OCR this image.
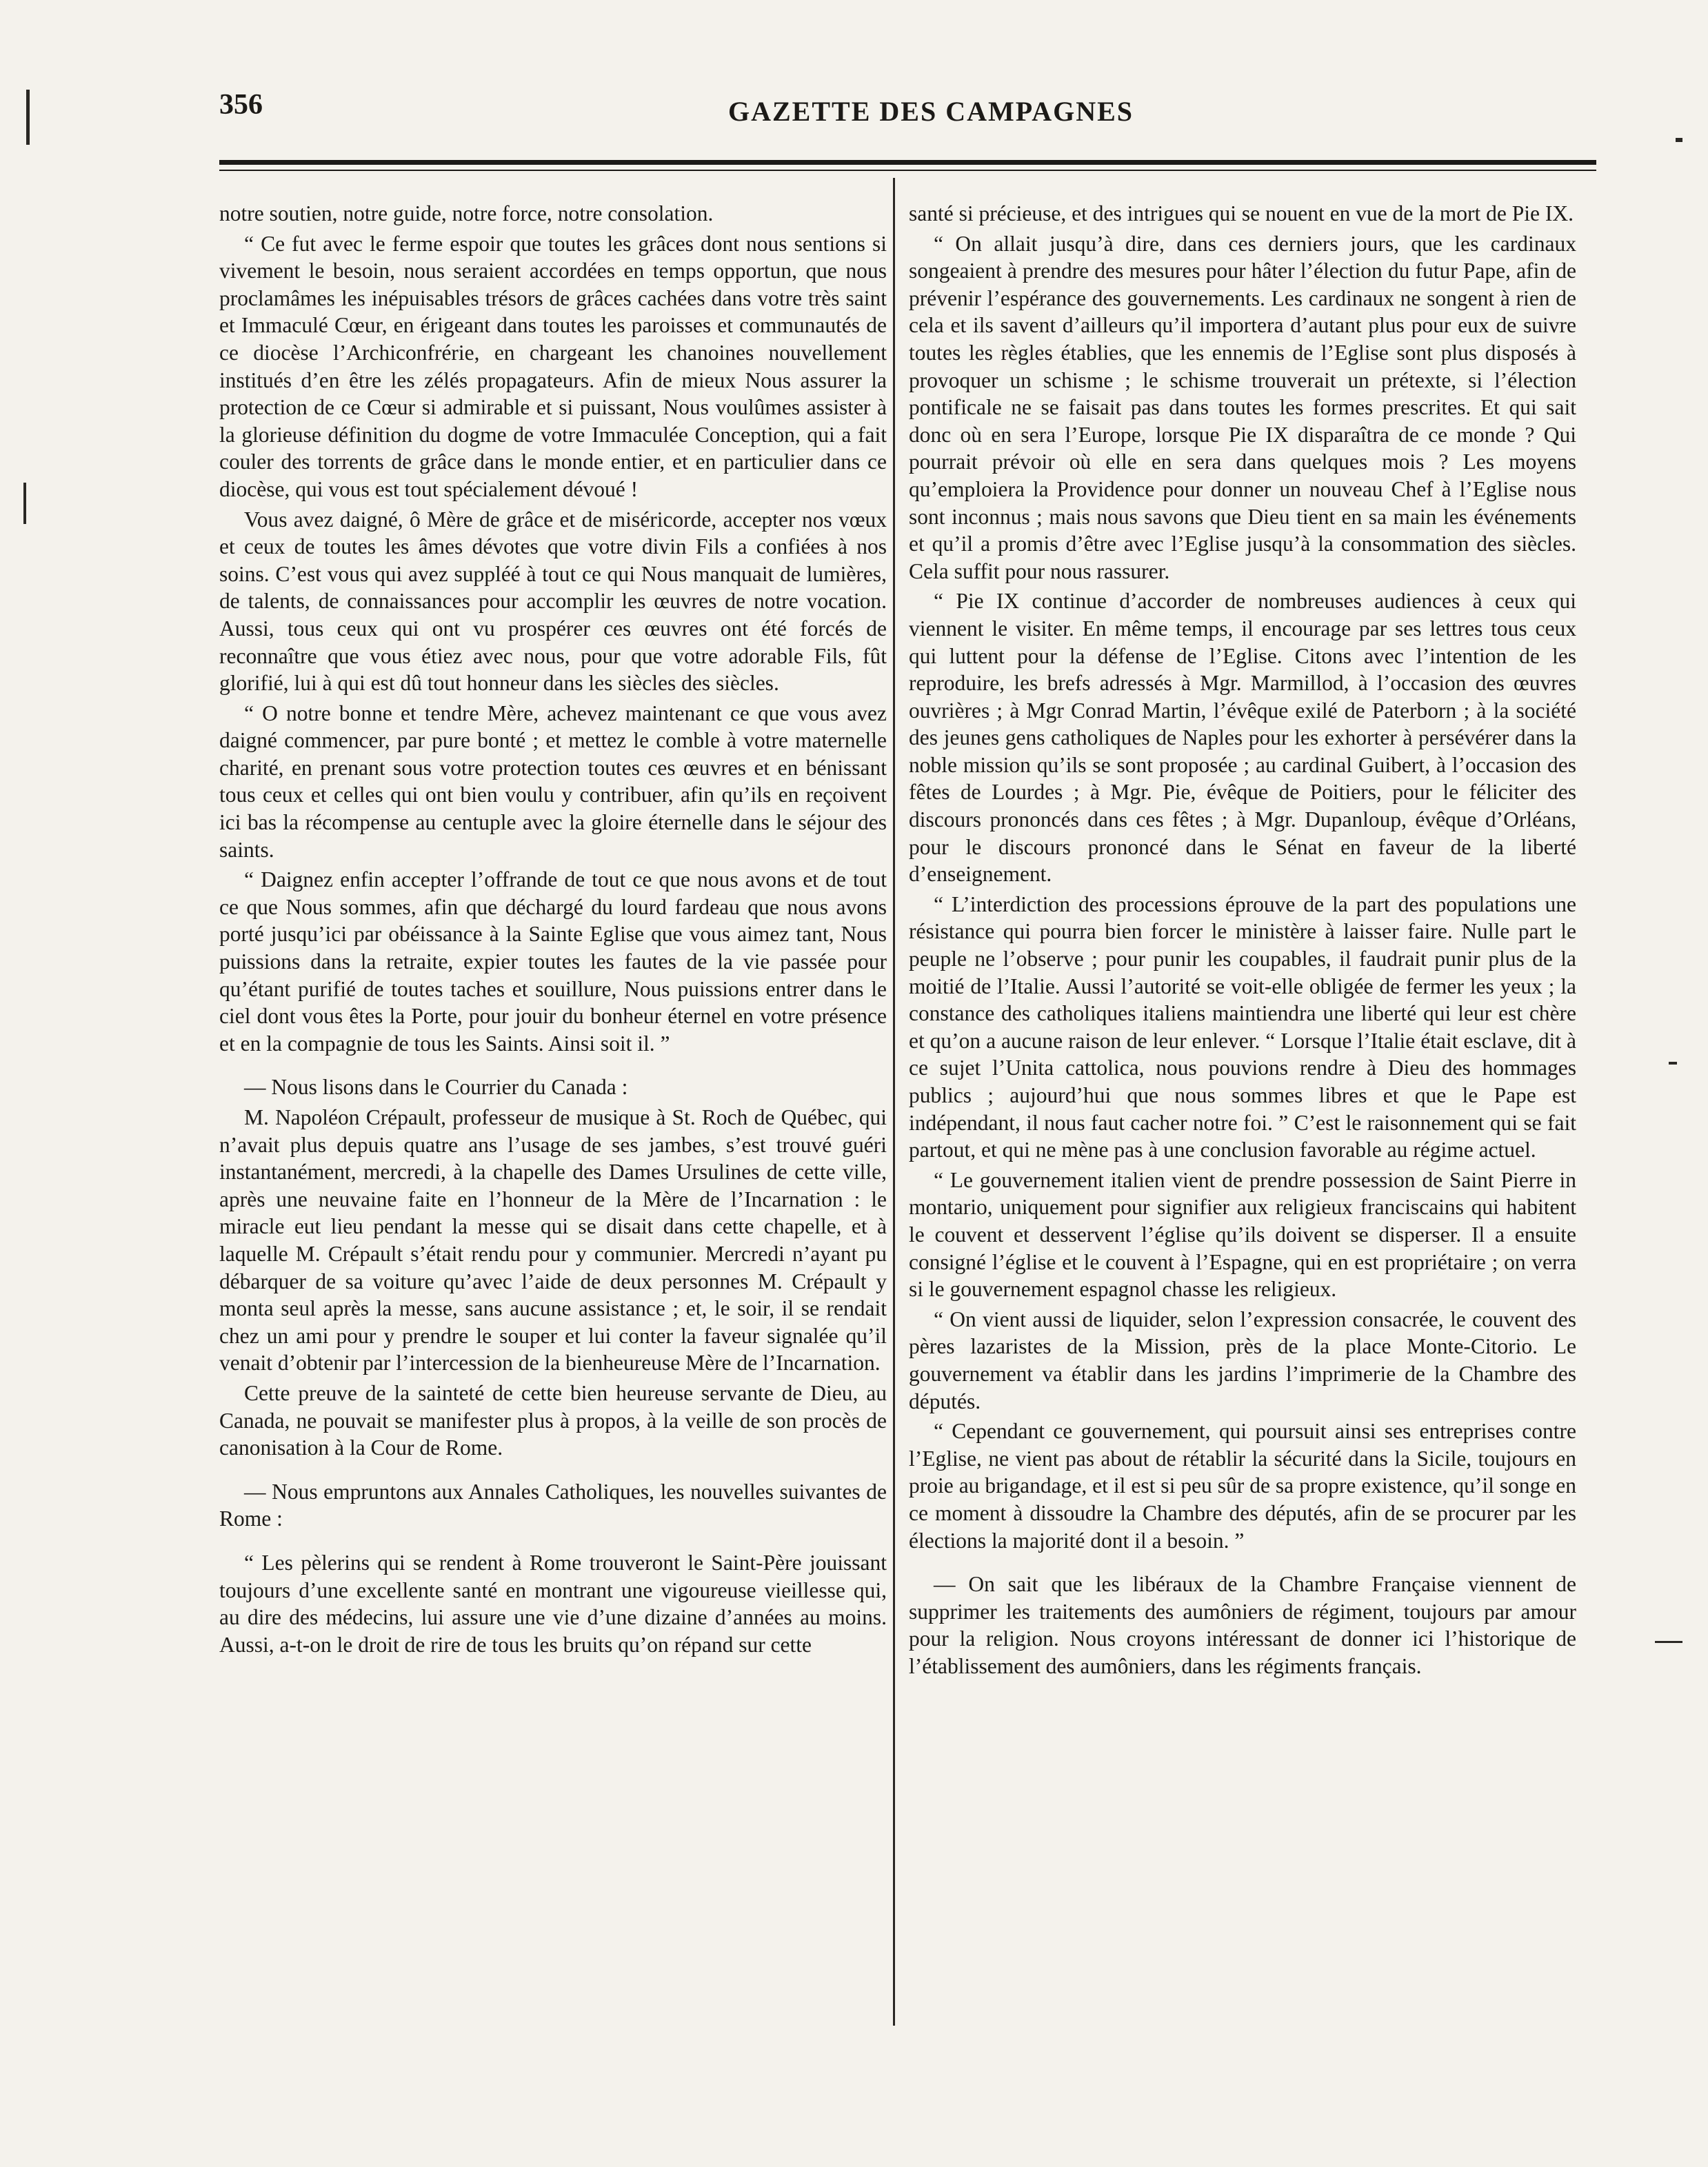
356	GAZETTE DES CAMPAGNES

notre soutien, notre guide, notre force, notre consolation.

“ Ce fut avec le ferme espoir que toutes les grâces dont nous sentions si vivement le besoin, nous seraient accordées en temps opportun, que nous proclamâmes les inépuisables trésors de grâces cachées dans votre très saint et Immaculé Cœur, en érigeant dans toutes les paroisses et communautés de ce diocèse l’Archiconfrérie, en chargeant les chanoines nouvellement institués d’en être les zélés propagateurs. Afin de mieux Nous assurer la protection de ce Cœur si admirable et si puissant, Nous voulûmes assister à la glorieuse définition du dogme de votre Immaculée Conception, qui a fait couler des torrents de grâce dans le monde entier, et en particulier dans ce diocèse, qui vous est tout spécialement dévoué !

Vous avez daigné, ô Mère de grâce et de miséricorde, accepter nos vœux et ceux de toutes les âmes dévotes que votre divin Fils a confiées à nos soins. C’est vous qui avez suppléé à tout ce qui Nous manquait de lumières, de talents, de connaissances pour accomplir les œuvres de notre vocation. Aussi, tous ceux qui ont vu prospérer ces œuvres ont été forcés de reconnaître que vous étiez avec nous, pour que votre adorable Fils, fût glorifié, lui à qui est dû tout honneur dans les siècles des siècles.

“ O notre bonne et tendre Mère, achevez maintenant ce que vous avez daigné commencer, par pure bonté ; et mettez le comble à votre maternelle charité, en prenant sous votre protection toutes ces œuvres et en bénissant tous ceux et celles qui ont bien voulu y contribuer, afin qu’ils en reçoivent ici bas la récompense au centuple avec la gloire éternelle dans le séjour des saints.

“ Daignez enfin accepter l’offrande de tout ce que nous avons et de tout ce que Nous sommes, afin que déchargé du lourd fardeau que nous avons porté jusqu’ici par obéissance à la Sainte Eglise que vous aimez tant, Nous puissions dans la retraite, expier toutes les fautes de la vie passée pour qu’étant purifié de toutes taches et souillure, Nous puissions entrer dans le ciel dont vous êtes la Porte, pour jouir du bonheur éternel en votre présence et en la compagnie de tous les Saints. Ainsi soit il. ”

— Nous lisons dans le Courrier du Canada :

M. Napoléon Crépault, professeur de musique à St. Roch de Québec, qui n’avait plus depuis quatre ans l’usage de ses jambes, s’est trouvé guéri instantanément, mercredi, à la chapelle des Dames Ursulines de cette ville, après une neuvaine faite en l’honneur de la Mère de l’Incarnation : le miracle eut lieu pendant la messe qui se disait dans cette chapelle, et à laquelle M. Crépault s’était rendu pour y communier. Mercredi n’ayant pu débarquer de sa voiture qu’avec l’aide de deux personnes M. Crépault y monta seul après la messe, sans aucune assistance ; et, le soir, il se rendait chez un ami pour y prendre le souper et lui conter la faveur signalée qu’il venait d’obtenir par l’intercession de la bienheureuse Mère de l’Incarnation.

Cette preuve de la sainteté de cette bien heureuse servante de Dieu, au Canada, ne pouvait se manifester plus à propos, à la veille de son procès de canonisation à la Cour de Rome.

— Nous empruntons aux Annales Catholiques, les nouvelles suivantes de Rome :

“ Les pèlerins qui se rendent à Rome trouveront le Saint-Père jouissant toujours d’une excellente santé en montrant une vigoureuse vieillesse qui, au dire des médecins, lui assure une vie d’une dizaine d’années au moins. Aussi, a-t-on le droit de rire de tous les bruits qu’on répand sur cette

santé si précieuse, et des intrigues qui se nouent en vue de la mort de Pie IX.

“ On allait jusqu’à dire, dans ces derniers jours, que les cardinaux songeaient à prendre des mesures pour hâter l’élection du futur Pape, afin de prévenir l’espérance des gouvernements. Les cardinaux ne songent à rien de cela et ils savent d’ailleurs qu’il importera d’autant plus pour eux de suivre toutes les règles établies, que les ennemis de l’Eglise sont plus disposés à provoquer un schisme ; le schisme trouverait un prétexte, si l’élection pontificale ne se faisait pas dans toutes les formes prescrites. Et qui sait donc où en sera l’Europe, lorsque Pie IX disparaîtra de ce monde ? Qui pourrait prévoir où elle en sera dans quelques mois ? Les moyens qu’emploiera la Providence pour donner un nouveau Chef à l’Eglise nous sont inconnus ; mais nous savons que Dieu tient en sa main les événements et qu’il a promis d’être avec l’Eglise jusqu’à la consommation des siècles. Cela suffit pour nous rassurer.

“ Pie IX continue d’accorder de nombreuses audiences à ceux qui viennent le visiter. En même temps, il encourage par ses lettres tous ceux qui luttent pour la défense de l’Eglise. Citons avec l’intention de les reproduire, les brefs adressés à Mgr. Marmillod, à l’occasion des œuvres ouvrières ; à Mgr Conrad Martin, l’évêque exilé de Paterborn ; à la société des jeunes gens catholiques de Naples pour les exhorter à persévérer dans la noble mission qu’ils se sont proposée ; au cardinal Guibert, à l’occasion des fêtes de Lourdes ; à Mgr. Pie, évêque de Poitiers, pour le féliciter des discours prononcés dans ces fêtes ; à Mgr. Dupanloup, évêque d’Orléans, pour le discours prononcé dans le Sénat en faveur de la liberté d’enseignement.

“ L’interdiction des processions éprouve de la part des populations une résistance qui pourra bien forcer le ministère à laisser faire. Nulle part le peuple ne l’observe ; pour punir les coupables, il faudrait punir plus de la moitié de l’Italie. Aussi l’autorité se voit-elle obligée de fermer les yeux ; la constance des catholiques italiens maintiendra une liberté qui leur est chère et qu’on a aucune raison de leur enlever. “ Lorsque l’Italie était esclave, dit à ce sujet l’Unita cattolica, nous pouvions rendre à Dieu des hommages publics ; aujourd’hui que nous sommes libres et que le Pape est indépendant, il nous faut cacher notre foi. ” C’est le raisonnement qui se fait partout, et qui ne mène pas à une conclusion favorable au régime actuel.

“ Le gouvernement italien vient de prendre possession de Saint Pierre in montario, uniquement pour signifier aux religieux franciscains qui habitent le couvent et desservent l’église qu’ils doivent se disperser. Il a ensuite consigné l’église et le couvent à l’Espagne, qui en est propriétaire ; on verra si le gouvernement espagnol chasse les religieux.

“ On vient aussi de liquider, selon l’expression consacrée, le couvent des pères lazaristes de la Mission, près de la place Monte-Citorio. Le gouvernement va établir dans les jardins l’imprimerie de la Chambre des députés.

“ Cependant ce gouvernement, qui poursuit ainsi ses entreprises contre l’Eglise, ne vient pas about de rétablir la sécurité dans la Sicile, toujours en proie au brigandage, et il est si peu sûr de sa propre existence, qu’il songe en ce moment à dissoudre la Chambre des députés, afin de se procurer par les élections la majorité dont il a besoin. ”

— On sait que les libéraux de la Chambre Française viennent de supprimer les traitements des aumôniers de régiment, toujours par amour pour la religion. Nous croyons intéressant de donner ici l’historique de l’établissement des aumôniers, dans les régiments français.
